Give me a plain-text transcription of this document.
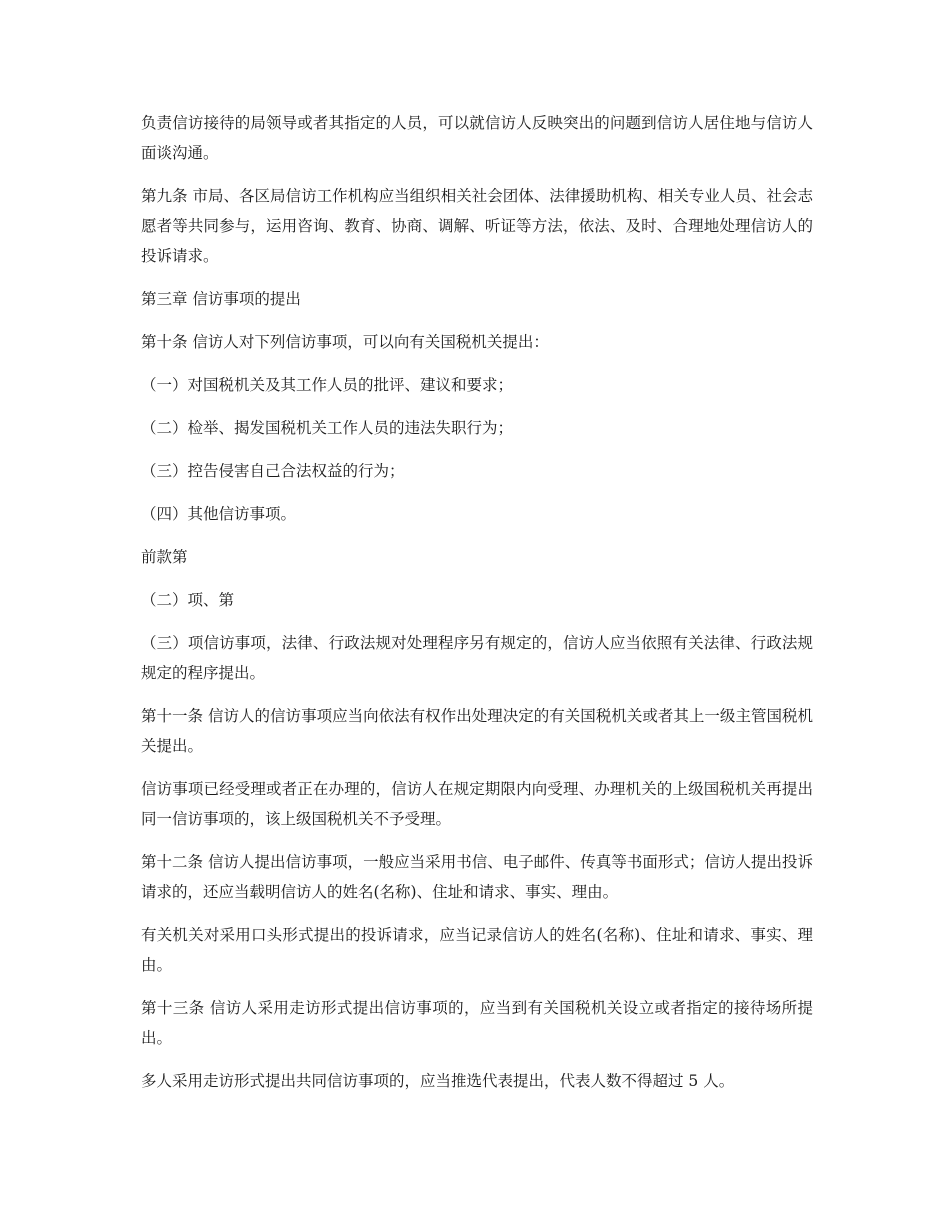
负责信访接待的局领导或者其指定的人员，可以就信访人反映突出的问题到信访人居住地与信访人面谈沟通。

第九条 市局、各区局信访工作机构应当组织相关社会团体、法律援助机构、相关专业人员、社会志愿者等共同参与，运用咨询、教育、协商、调解、听证等方法，依法、及时、合理地处理信访人的投诉请求。

第三章 信访事项的提出

第十条 信访人对下列信访事项，可以向有关国税机关提出：

（一）对国税机关及其工作人员的批评、建议和要求；

（二）检举、揭发国税机关工作人员的违法失职行为；

（三）控告侵害自己合法权益的行为；

（四）其他信访事项。

前款第

（二）项、第

（三）项信访事项，法律、行政法规对处理程序另有规定的，信访人应当依照有关法律、行政法规规定的程序提出。

第十一条 信访人的信访事项应当向依法有权作出处理决定的有关国税机关或者其上一级主管国税机关提出。

信访事项已经受理或者正在办理的，信访人在规定期限内向受理、办理机关的上级国税机关再提出同一信访事项的，该上级国税机关不予受理。

第十二条 信访人提出信访事项，一般应当采用书信、电子邮件、传真等书面形式；信访人提出投诉请求的，还应当载明信访人的姓名(名称)、住址和请求、事实、理由。

有关机关对采用口头形式提出的投诉请求，应当记录信访人的姓名(名称)、住址和请求、事实、理由。

第十三条 信访人采用走访形式提出信访事项的，应当到有关国税机关设立或者指定的接待场所提出。

多人采用走访形式提出共同信访事项的，应当推选代表提出，代表人数不得超过 5 人。
